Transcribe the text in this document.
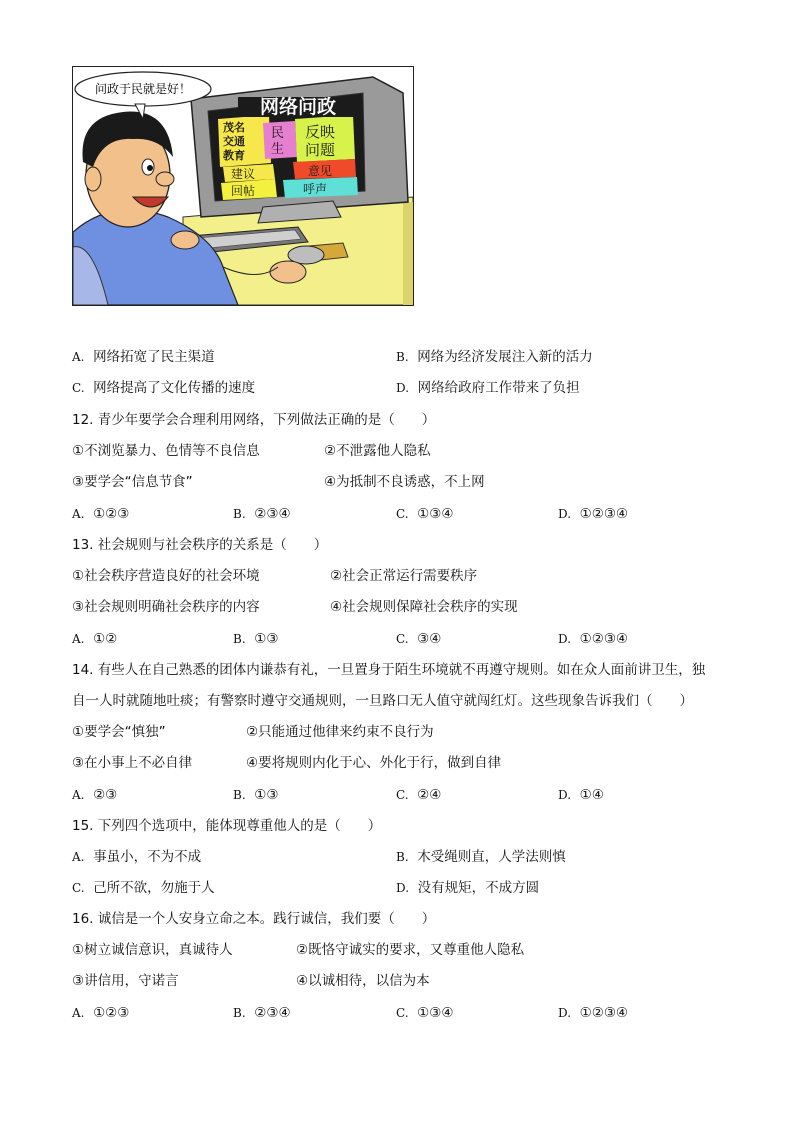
问政于民就是好！
网络问政
茂名
交通
教育
民
生
反映
问题
建议	意见
回帖	呼声
A. 网络拓宽了民主渠道	B. 网络为经济发展注入新的活力
C. 网络提高了文化传播的速度	D. 网络给政府工作带来了负担
12. 青少年要学会合理利用网络，下列做法正确的是（　　）
①不浏览暴力、色情等不良信息	②不泄露他人隐私
③要学会“信息节食”	④为抵制不良诱惑，不上网
A. ①②③	B. ②③④	C. ①③④	D. ①②③④
13. 社会规则与社会秩序的关系是（　　）
①社会秩序营造良好的社会环境	②社会正常运行需要秩序
③社会规则明确社会秩序的内容	④社会规则保障社会秩序的实现
A. ①②	B. ①③	C. ③④	D. ①②③④
14. 有些人在自己熟悉的团体内谦恭有礼，一旦置身于陌生环境就不再遵守规则。如在众人面前讲卫生，独
自一人时就随地吐痰；有警察时遵守交通规则，一旦路口无人值守就闯红灯。这些现象告诉我们（　　）
①要学会“慎独”	②只能通过他律来约束不良行为
③在小事上不必自律	④要将规则内化于心、外化于行，做到自律
A. ②③	B. ①③	C. ②④	D. ①④
15. 下列四个选项中，能体现尊重他人的是（　　）
A. 事虽小，不为不成	B. 木受绳则直，人学法则慎
C. 己所不欲，勿施于人	D. 没有规矩，不成方圆
16. 诚信是一个人安身立命之本。践行诚信，我们要（　　）
①树立诚信意识，真诚待人	②既恪守诚实的要求，又尊重他人隐私
③讲信用，守诺言	④以诚相待，以信为本
A. ①②③	B. ②③④	C. ①③④	D. ①②③④
